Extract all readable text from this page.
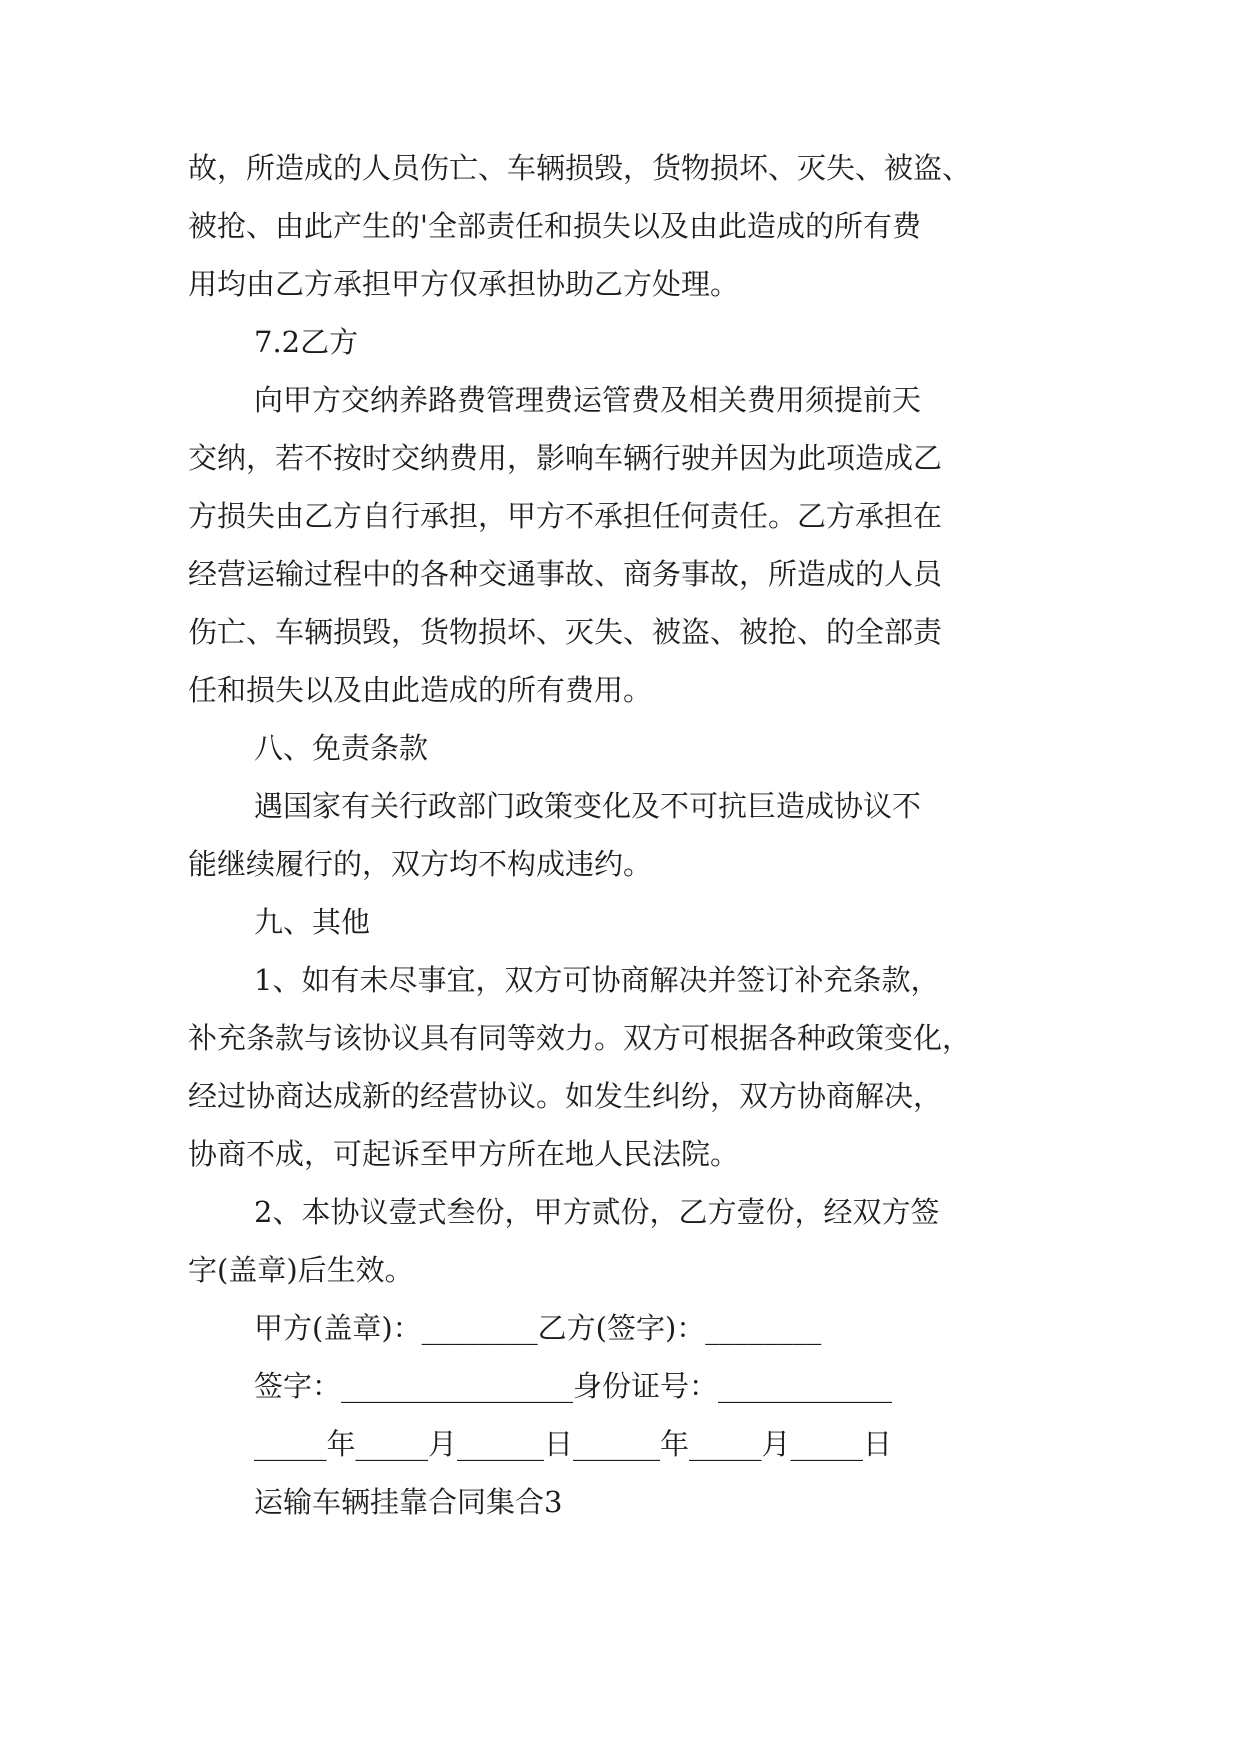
故，所造成的人员伤亡、车辆损毁，货物损坏、灭失、被盗、
被抢、由此产生的'全部责任和损失以及由此造成的所有费
用均由乙方承担甲方仅承担协助乙方处理。
7.2乙方
向甲方交纳养路费管理费运管费及相关费用须提前天
交纳，若不按时交纳费用，影响车辆行驶并因为此项造成乙
方损失由乙方自行承担，甲方不承担任何责任。乙方承担在
经营运输过程中的各种交通事故、商务事故，所造成的人员
伤亡、车辆损毁，货物损坏、灭失、被盗、被抢、的全部责
任和损失以及由此造成的所有费用。
八、免责条款
遇国家有关行政部门政策变化及不可抗巨造成协议不
能继续履行的，双方均不构成违约。
九、其他
1、如有未尽事宜，双方可协商解决并签订补充条款，
补充条款与该协议具有同等效力。双方可根据各种政策变化，
经过协商达成新的经营协议。如发生纠纷，双方协商解决，
协商不成，可起诉至甲方所在地人民法院。
2、本协议壹式叁份，甲方贰份，乙方壹份，经双方签
字(盖章)后生效。
甲方(盖章)：________乙方(签字)：________
签字：________________身份证号：____________
_____年_____月______日______年_____月_____日
运输车辆挂靠合同集合3
